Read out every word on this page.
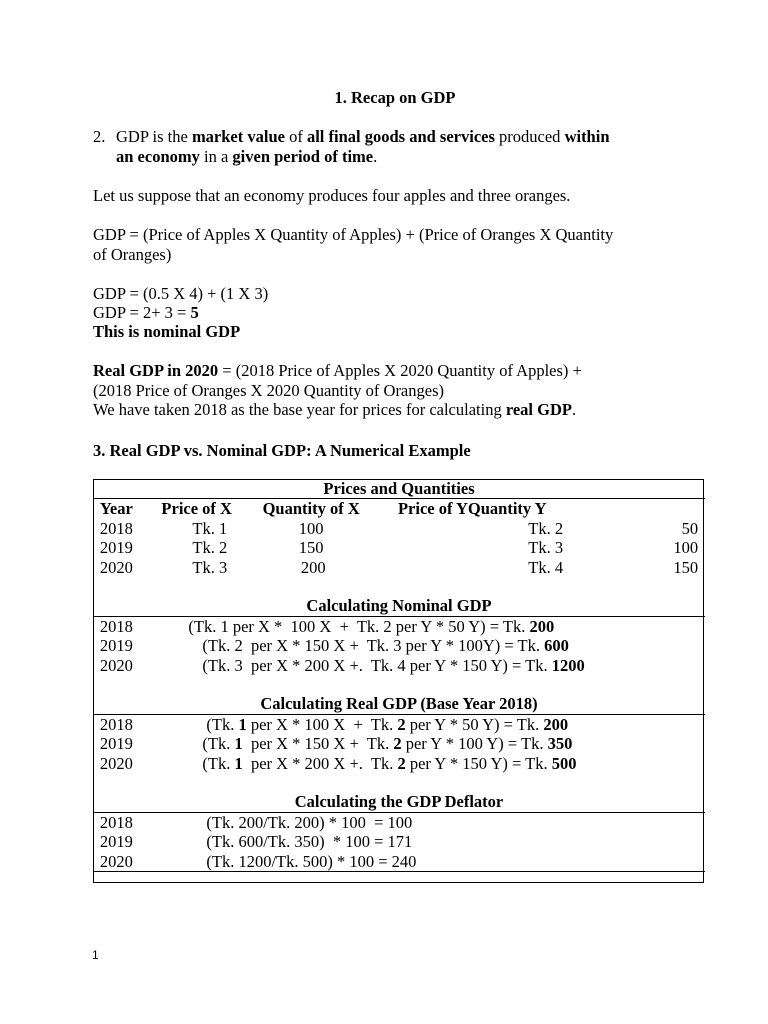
1. Recap on GDP
2. GDP is the market value of all final goods and services produced within
an economy in a given period of time.
Let us suppose that an economy produces four apples and three oranges.
GDP = (Price of Apples X Quantity of Apples) + (Price of Oranges X Quantity
of Oranges)
GDP = (0.5 X 4) + (1 X 3)
GDP = 2+ 3 = 5
This is nominal GDP
Real GDP in 2020 = (2018 Price of Apples X 2020 Quantity of Apples) +
(2018 Price of Oranges X 2020 Quantity of Oranges)
We have taken 2018 as the base year for prices for calculating real GDP.
3. Real GDP vs. Nominal GDP: A Numerical Example
Prices and Quantities							
	Year	Price of X	Quantity of X	Price of Y	Quantity Y		
	2018	Tk. 1	100	Tk. 2		50	
	2019	Tk. 2	150	Tk. 3		100	
	2020	Tk. 3	200	Tk. 4		150	

Calculating Nominal GDP							
	2018	(Tk. 1 per X *  100 X  +  Tk. 2 per Y * 50 Y) = Tk. 200					
	2019	(Tk. 2  per X * 150 X +  Tk. 3 per Y * 100Y) = Tk. 600					
	2020	(Tk. 3  per X * 200 X +.  Tk. 4 per Y * 150 Y) = Tk. 1200					

Calculating Real GDP (Base Year 2018)							
	2018	(Tk. 1 per X * 100 X  +  Tk. 2 per Y * 50 Y) = Tk. 200					
	2019	(Tk. 1  per X * 150 X +  Tk. 2 per Y * 100 Y) = Tk. 350					
	2020	(Tk. 1  per X * 200 X +.  Tk. 2 per Y * 150 Y) = Tk. 500					

Calculating the GDP Deflator							
	2018	(Tk. 200/Tk. 200) * 100  = 100					
	2019	(Tk. 600/Tk. 350)  * 100 = 171					
	2020	(Tk. 1200/Tk. 500) * 100 = 240					

1
